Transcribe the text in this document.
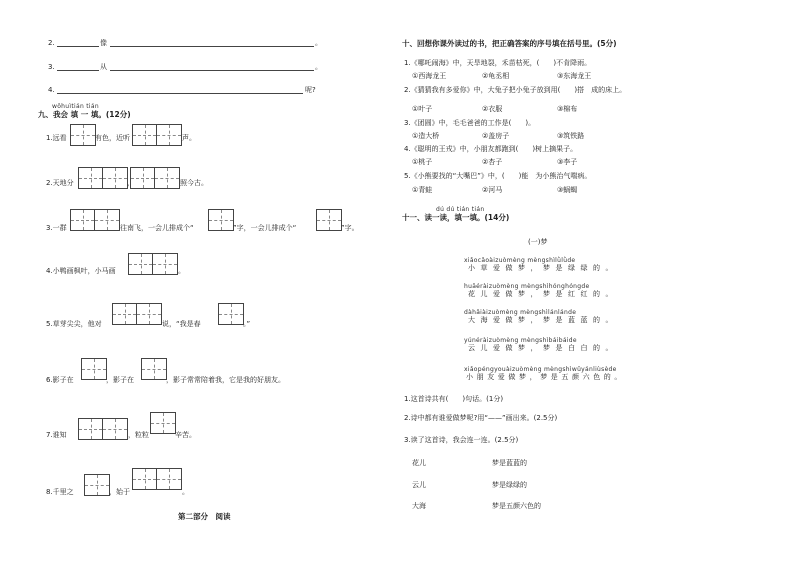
2.	像	。
3.	从	。
4.	呢?
wǒhuìtián tián
九、我会 填 一 填。(12分)
1.远看	有色，近听	声。
2.天地分	，	照今古。
3.一群	往南飞，一会儿排成个“	”字，一会儿排成个“	”字。
4.小鸭画枫叶，小马画	。
5.草芽尖尖，他对	说，“我是春	。”
6.影子在	，影子在	，影子常常陪着我，它是我的好朋友。
7.谁知	，粒粒	辛苦。
8.千里之	，始于	。
第二部分　阅读
十、回想你课外读过的书，把正确答案的序号填在括号里。(5分)
1.《哪吒闹海》中，天旱地裂，禾苗枯死，(　　)不肯降雨。
①西海龙王	②龟丞相	③东海龙王
2.《猜猜我有多爱你》中，大兔子把小兔子放到用(　　)搭　成的床上。
①叶子	②衣服	③棉布
3.《团圆》中，毛毛爸爸的工作是(　　)。
①造大桥	②盖房子	③筑铁路
4.《聪明的王戎》中，小朋友都跑到(　　)树上摘果子。
①桃子	②杏子	③李子
5.《小熊要找的“大嘴巴”》中，(　　)能　为小熊治气喘病。
①青蛙	②河马	③蜗蝎
dú dú tián tián
十一、读一读，填一填。(14分)
(一)梦
xiǎocǎoàizuòmèng mèngshìlǜlǜde
小草爱做梦，梦是绿绿的。
huāéràizuòmèng mèngshìhónghóngde
花儿爱做梦，梦是红红的。
dàhǎiàizuòmèng mèngshìlánlánde
大海爱做梦，梦是蓝蓝的。
yúnéràizuòmèng mèngshìbáibáide
云儿爱做梦，梦是白白的。
xiǎopéngyouàizuòmèng mèngshìwǔyánliùsède
小朋友爱做梦，梦是五颜六色的。
1.这首诗共有(　　)句话。(1分)
2.诗中都有谁爱做梦呢?用“——”画出来。(2.5分)
3.读了这首诗，我会连一连。(2.5分)
花儿
云儿
大海
梦是蓝蓝的
梦是绿绿的
梦是五颜六色的
